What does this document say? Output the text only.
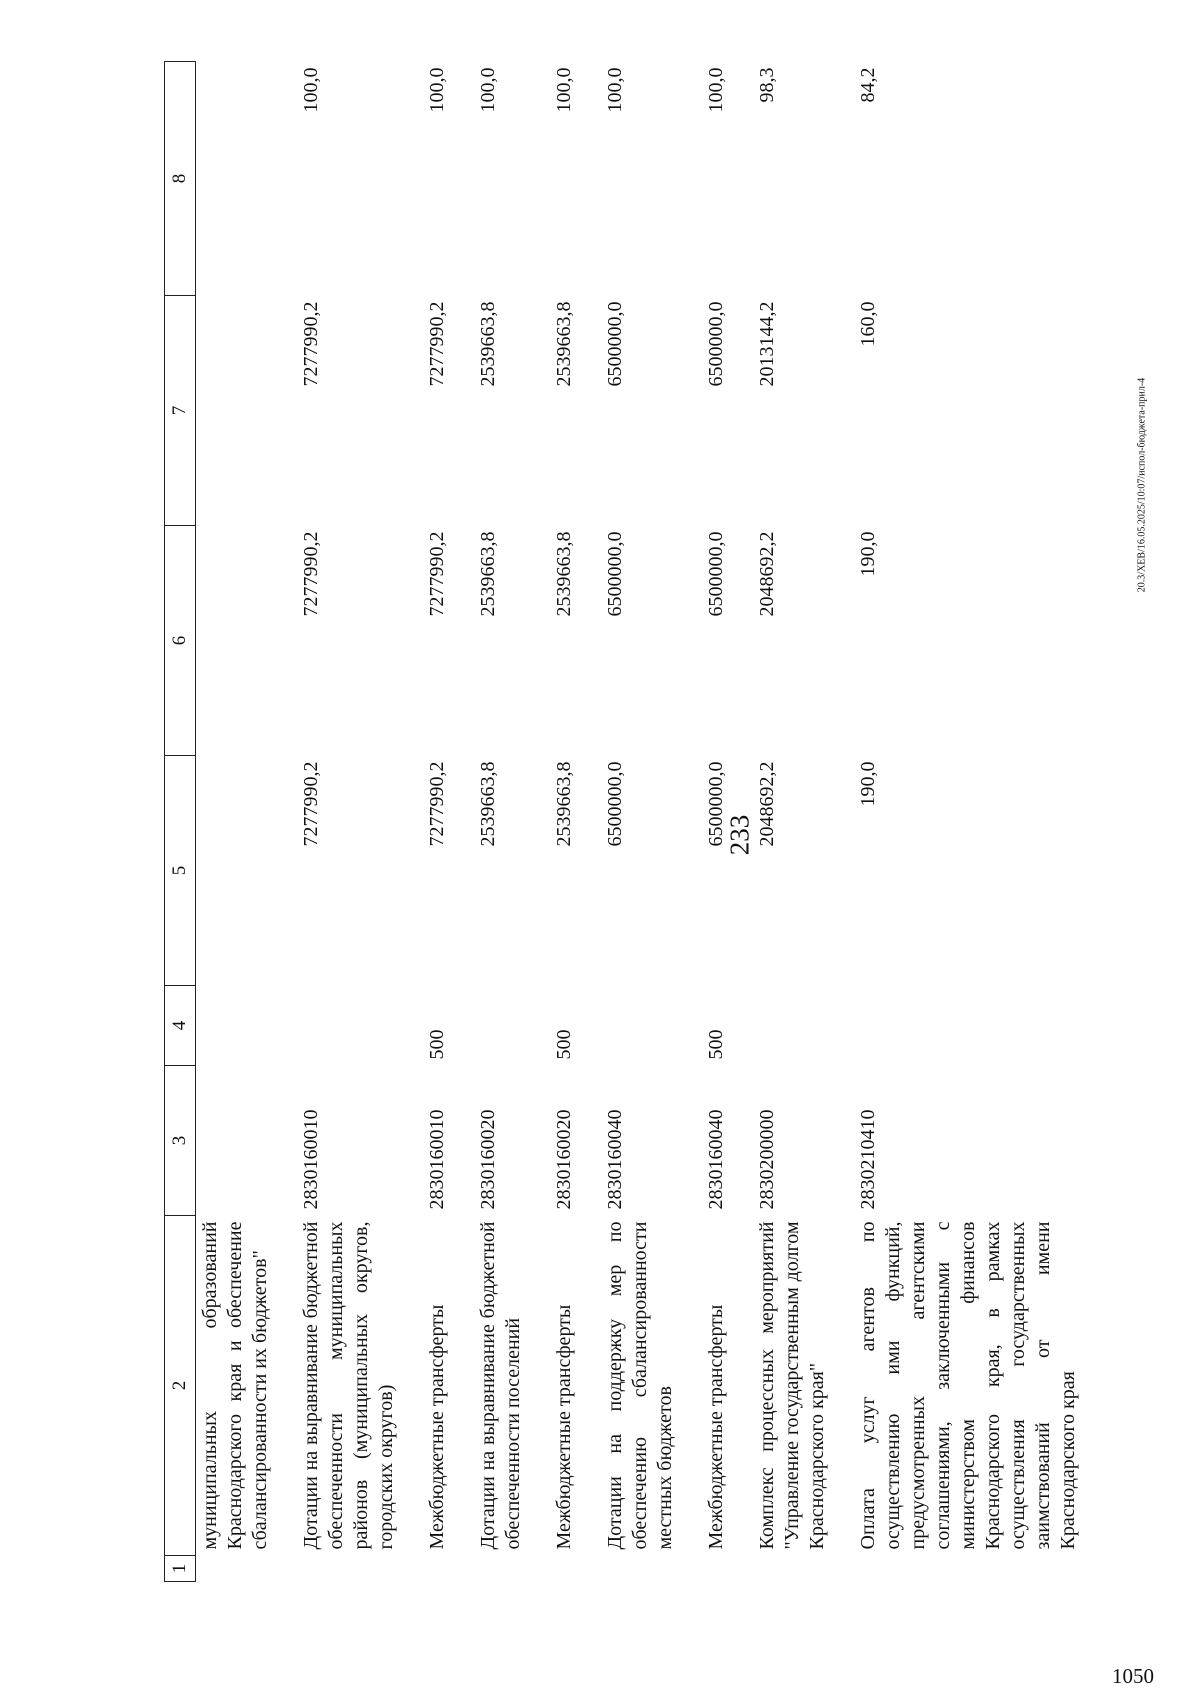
233
20.3/ХЕВ/16.05.2025/10:07/испол-бюджета-прил-4
1050
1	2	3	4	5	6	7	8
	муниципальных образований Краснодарского края и обеспечение сбалансированности их бюджетов"						
	Дотации на выравнивание бюджетной обеспеченности муниципальных районов (муниципальных округов, городских округов)	2830160010		7277990,2	7277990,2	7277990,2	100,0
	Межбюджетные трансферты	2830160010	500	7277990,2	7277990,2	7277990,2	100,0
	Дотации на выравнивание бюджетной обеспеченности поселений	2830160020		2539663,8	2539663,8	2539663,8	100,0
	Межбюджетные трансферты	2830160020	500	2539663,8	2539663,8	2539663,8	100,0
	Дотации на поддержку мер по обеспечению сбалансированности местных бюджетов	2830160040		6500000,0	6500000,0	6500000,0	100,0
	Межбюджетные трансферты	2830160040	500	6500000,0	6500000,0	6500000,0	100,0
	Комплекс процессных мероприятий "Управление государственным долгом Краснодарского края"	2830200000		2048692,2	2048692,2	2013144,2	98,3
	Оплата услуг агентов по осуществлению ими функций, предусмотренных агентскими соглашениями, заключенными с министерством финансов Краснодарского края, в рамках осуществления государственных заимствований от имени Краснодарского края	2830210410		190,0	190,0	160,0	84,2
